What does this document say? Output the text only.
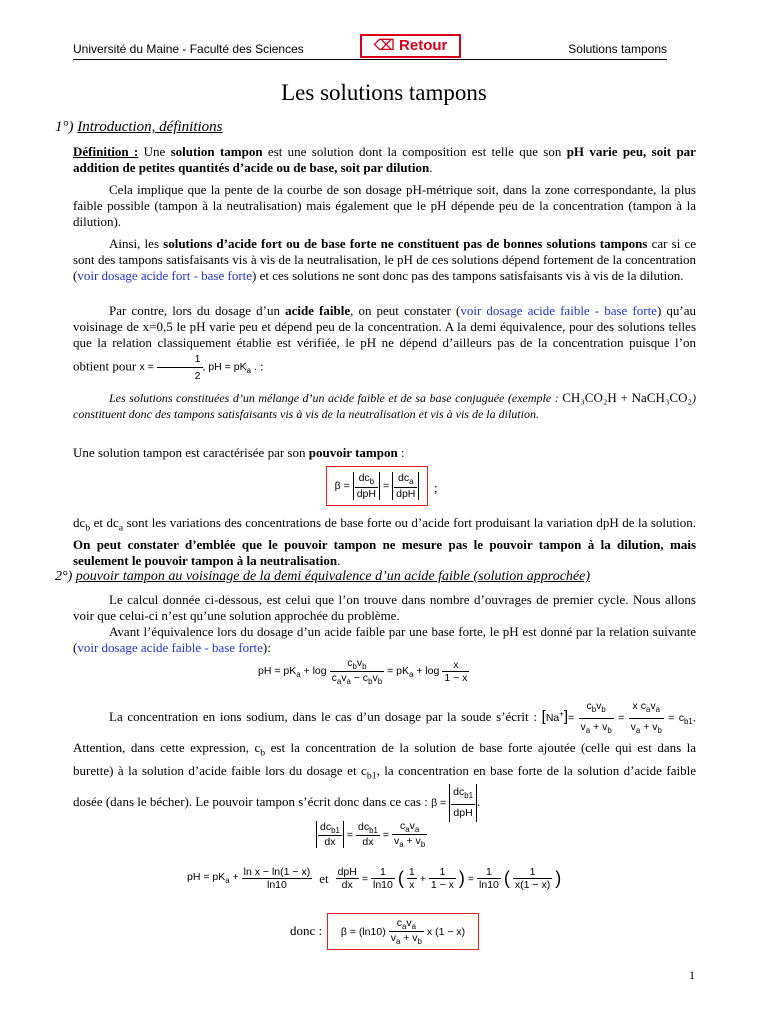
Université du Maine - Faculté des Sciences	⌫ Retour	Solutions tampons
Les solutions tampons
1°) Introduction, définitions
Définition : Une solution tampon est une solution dont la composition est telle que son pH varie peu, soit par addition de petites quantités d’acide ou de base, soit par dilution.
Cela implique que la pente de la courbe de son dosage pH-métrique soit, dans la zone correspondante, la plus faible possible (tampon à la neutralisation) mais également que le pH dépende peu de la concentration (tampon à la dilution).
Ainsi, les solutions d’acide fort ou de base forte ne constituent pas de bonnes solutions tampons car si ce sont des tampons satisfaisants vis à vis de la neutralisation, le pH de ces solutions dépend fortement de la concentration (voir dosage acide fort - base forte) et ces solutions ne sont donc pas des tampons satisfaisants vis à vis de la dilution.
Par contre, lors du dosage d’un acide faible, on peut constater (voir dosage acide faible - base forte) qu’au voisinage de x=0,5 le pH varie peu et dépend peu de la concentration. A la demi équivalence, pour des solutions telles que la relation classiquement établie est vérifiée, le pH ne dépend d’ailleurs pas de la concentration puisque l’on obtient pour $x = \frac{1}{2}$ , pH = $pK_a$ . :
Les solutions constituées d’un mélange d’un acide faible et de sa base conjuguée (exemple : CH₃CO₂H + NaCH₃CO₂) constituent donc des tampons satisfaisants vis à vis de la neutralisation et vis à vis de la dilution.
Une solution tampon est caractérisée par son pouvoir tampon :
$\beta = \frac{dc_b}{\text{dpH}} = \frac{dc_a}{\text{dpH}}$ ;
$dc_b$ et $dc_a$ sont les variations des concentrations de base forte ou d’acide fort produisant la variation dpH de la solution. On peut constater d’emblée que le pouvoir tampon ne mesure pas le pouvoir tampon à la dilution, mais seulement le pouvoir tampon à la neutralisation.
2°) pouvoir tampon au voisinage de la demi équivalence d’un acide faible (solution approchée)
Le calcul donnée ci-dessous, est celui que l’on trouve dans nombre d’ouvrages de premier cycle. Nous allons voir que celui-ci n’est qu’une solution approchée du problème.
Avant l’équivalence lors du dosage d’un acide faible par une base forte, le pH est donné par la relation suivante (voir dosage acide faible - base forte):
pH = $pK_a + \log \frac{c_bv_b}{c_av_a - c_bv_b} = pK_a + \log \frac{x}{1 - x}$
La concentration en ions sodium, dans le cas d’un dosage par la soude s’écrit : $[Na^+]= \frac{c_bv_b}{v_a + v_b} = \frac{x c_av_a}{v_a + v_b} = c_{b1}$. Attention, dans cette expression, $c_b$ est la concentration de la solution de base forte ajoutée (celle qui est dans la burette) à la solution d’acide faible lors du dosage et $c_{b1}$, la concentration en base forte de la solution d’acide faible dosée (dans le bécher). Le pouvoir tampon s’écrit donc dans ce cas : $\beta = \frac{dc_{b1}}{\text{dpH}}$ .
$\frac{dc_{b1}}{dx} = \frac{dc_{b1}}{dx} = \frac{c_av_a}{v_a + v_b}$
pH = $pK_a + \frac{\text{ln x − ln(1 − x)}}{\ln 10}$ et $\frac{\text{dpH}}{dx} = \frac{1}{\ln 10}$ ( $\frac{1}{x} + \frac{1}{1 - x}$ ) = $\frac{1}{\ln 10}$ ( $\frac{1}{x(1 - x)}$ )
donc : $\beta = (\ln 10) \frac{c_av_a}{v_a + v_b}$ x (1 − x)
1
